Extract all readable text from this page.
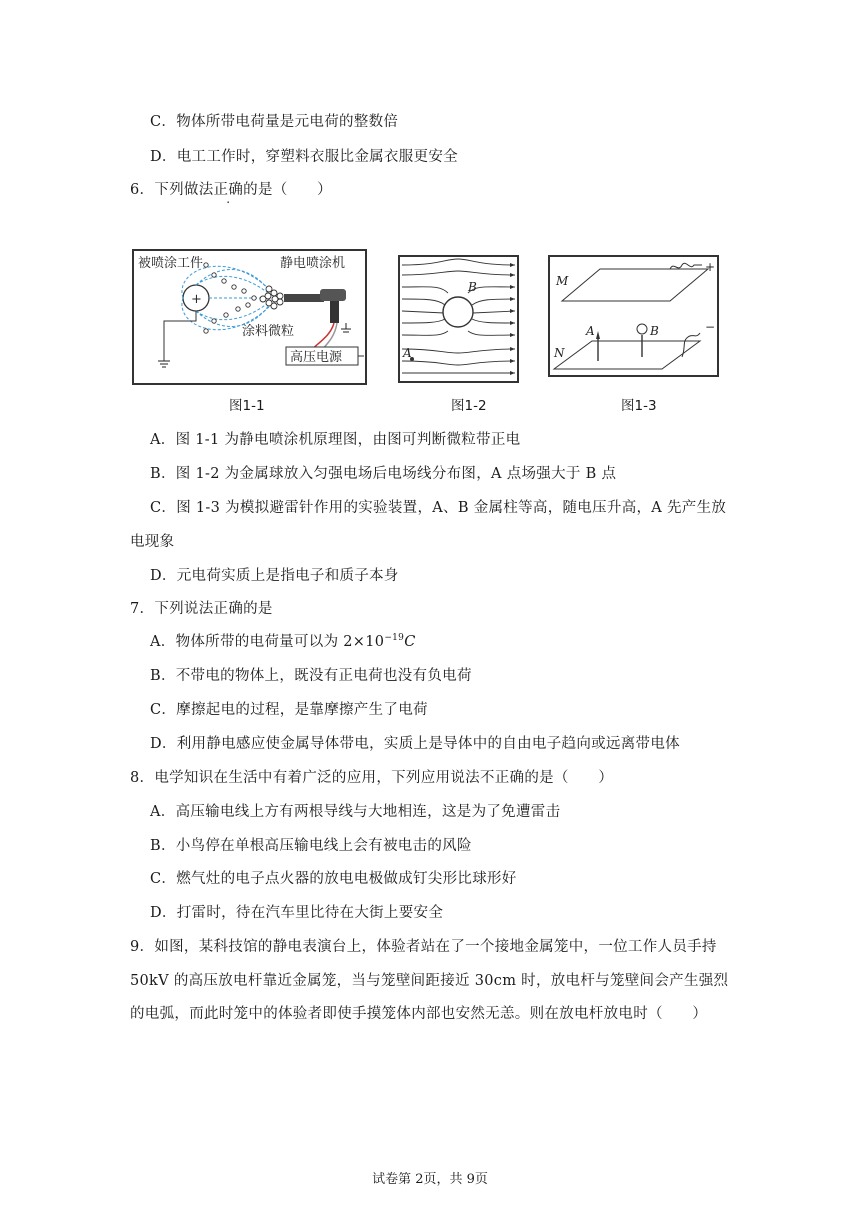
C．物体所带电荷量是元电荷的整数倍
D．电工工作时，穿塑料衣服比金属衣服更安全
6．下列做法正确的是（　　）
被喷涂工件	静电喷涂机
涂料微粒
+
高压电源
图1-1
A
B
图1-2
M
+
N
A	B	−
图1-3
A．图 1-1 为静电喷涂机原理图，由图可判断微粒带正电
B．图 1-2 为金属球放入匀强电场后电场线分布图，A 点场强大于 B 点
C．图 1-3 为模拟避雷针作用的实验装置，A、B 金属柱等高，随电压升高，A 先产生放
电现象
D．元电荷实质上是指电子和质子本身
7．下列说法正确的是
A．物体所带的电荷量可以为 $2\times 10^{-19}C$
B．不带电的物体上，既没有正电荷也没有负电荷
C．摩擦起电的过程，是靠摩擦产生了电荷
D．利用静电感应使金属导体带电，实质上是导体中的自由电子趋向或远离带电体
8．电学知识在生活中有着广泛的应用，下列应用说法不正确的是（　　）
A．高压输电线上方有两根导线与大地相连，这是为了免遭雷击
B．小鸟停在单根高压输电线上会有被电击的风险
C．燃气灶的电子点火器的放电电极做成钉尖形比球形好
D．打雷时，待在汽车里比待在大街上要安全
9．如图，某科技馆的静电表演台上，体验者站在了一个接地金属笼中，一位工作人员手持
50kV 的高压放电杆靠近金属笼，当与笼壁间距接近 30cm 时，放电杆与笼壁间会产生强烈
的电弧，而此时笼中的体验者即使手摸笼体内部也安然无恙。则在放电杆放电时（　　）
试卷第 2页，共 9页
